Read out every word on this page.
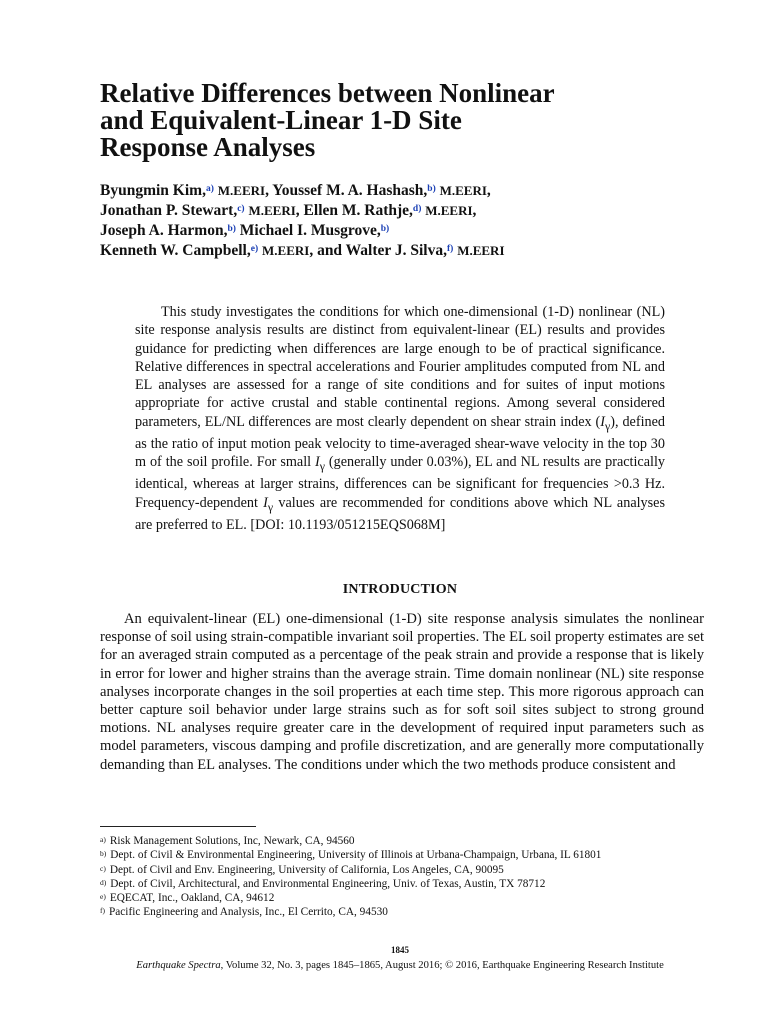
Relative Differences between Nonlinear
and Equivalent-Linear 1-D Site
Response Analyses
Byungmin Kim,$^{a)}$ M.EERI, Youssef M. A. Hashash,$^{b)}$ M.EERI,
Jonathan P. Stewart,$^{c)}$ M.EERI, Ellen M. Rathje,$^{d)}$ M.EERI,
Joseph A. Harmon,$^{b)}$ Michael I. Musgrove,$^{b)}$
Kenneth W. Campbell,$^{e)}$ M.EERI, and Walter J. Silva,$^{f)}$ M.EERI

This study investigates the conditions for which one-dimensional (1-D) nonlinear (NL) site response analysis results are distinct from equivalent-linear (EL) results and provides guidance for predicting when differences are large enough to be of practical significance. Relative differences in spectral accelerations and Fourier amplitudes computed from NL and EL analyses are assessed for a range of site conditions and for suites of input motions appropriate for active crustal and stable continental regions. Among several considered parameters, EL/NL differences are most clearly dependent on shear strain index $(I_\gamma)$, defined as the ratio of input motion peak velocity to time-averaged shear-wave velocity in the top 30 m of the soil profile. For small $I_\gamma$ (generally under 0.03%), EL and NL results are practically identical, whereas at larger strains, differences can be significant for frequencies >0.3 Hz. Frequency-dependent $I_\gamma$ values are recommended for conditions above which NL analyses are preferred to EL. [DOI: 10.1193/051215EQS068M]

INTRODUCTION

An equivalent-linear (EL) one-dimensional (1-D) site response analysis simulates the nonlinear response of soil using strain-compatible invariant soil properties. The EL soil property estimates are set for an averaged strain computed as a percentage of the peak strain and provide a response that is likely in error for lower and higher strains than the average strain. Time domain nonlinear (NL) site response analyses incorporate changes in the soil properties at each time step. This more rigorous approach can better capture soil behavior under large strains such as for soft soil sites subject to strong ground motions. NL analyses require greater care in the development of required input parameters such as model parameters, viscous damping and profile discretization, and are generally more computationally demanding than EL analyses. The conditions under which the two methods produce consistent and

$^{a)}$ Risk Management Solutions, Inc, Newark, CA, 94560
$^{b)}$ Dept. of Civil & Environmental Engineering, University of Illinois at Urbana-Champaign, Urbana, IL 61801
$^{c)}$ Dept. of Civil and Env. Engineering, University of California, Los Angeles, CA, 90095
$^{d)}$ Dept. of Civil, Architectural, and Environmental Engineering, Univ. of Texas, Austin, TX 78712
$^{e)}$ EQECAT, Inc., Oakland, CA, 94612
$^{f)}$ Pacific Engineering and Analysis, Inc., El Cerrito, CA, 94530
1845
Earthquake Spectra, Volume 32, No. 3, pages 1845–1865, August 2016; © 2016, Earthquake Engineering Research Institute
